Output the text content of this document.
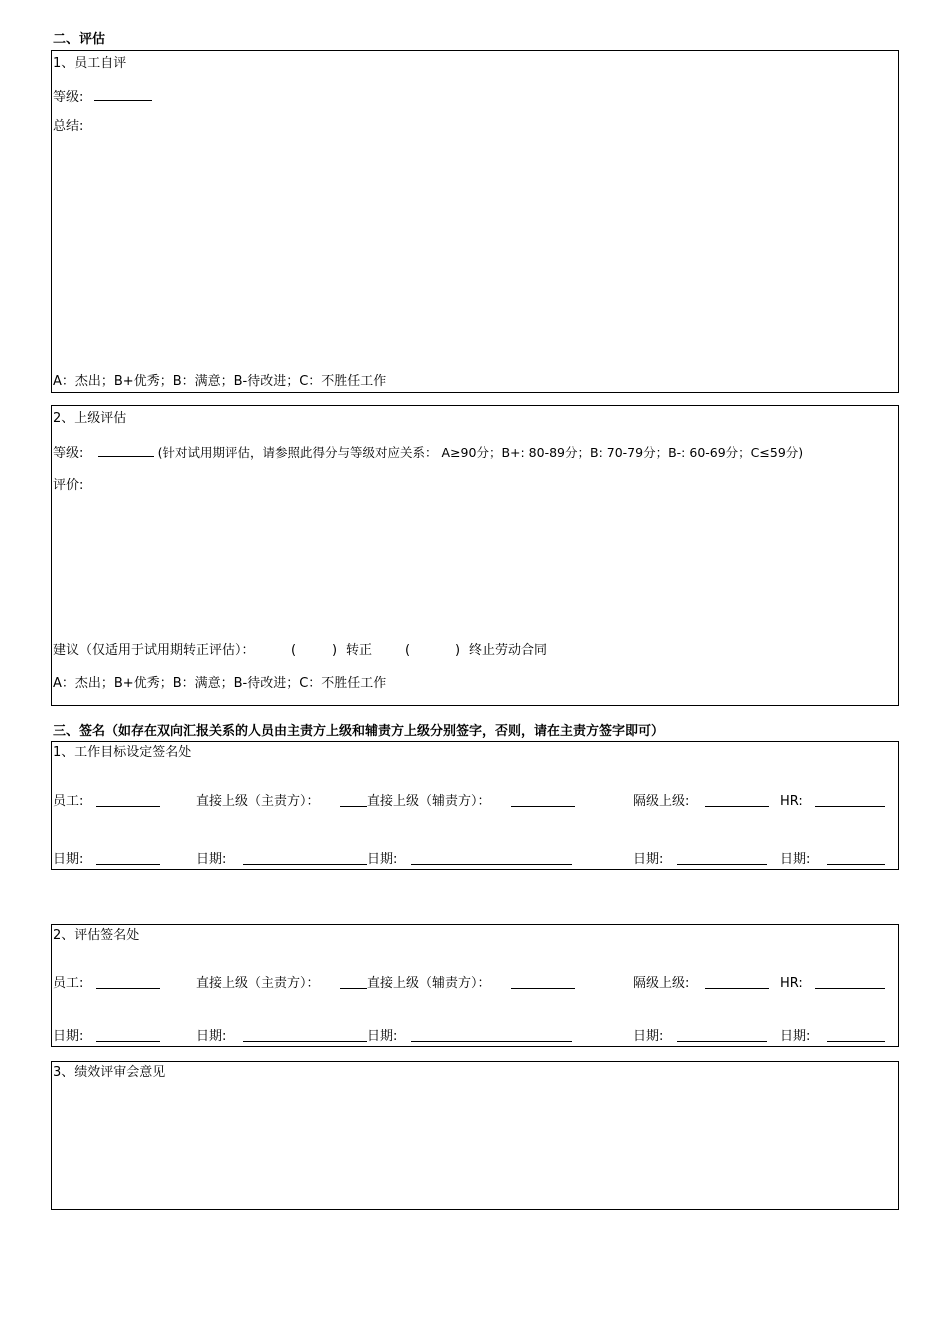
二、评估
1、员工自评
等级:
总结:
A：杰出；B+优秀；B：满意；B-待改进；C：不胜任工作
2、上级评估
等级:	(针对试用期评估，请参照此得分与等级对应关系： A≥90分；B+: 80-89分；B: 70-79分；B-: 60-69分；C≤59分)
评价:
建议（仅适用于试用期转正评估）：	(	) 转正	(	) 终止劳动合同
A：杰出；B+优秀；B：满意；B-待改进；C：不胜任工作
三、签名（如存在双向汇报关系的人员由主责方上级和辅责方上级分别签字，否则，请在主责方签字即可）
1、工作目标设定签名处
员工:	直接上级（主责方）：	直接上级（辅责方）：	隔级上级:	HR:
日期:	日期:	日期:	日期:	日期:
2、评估签名处
员工:	直接上级（主责方）：	直接上级（辅责方）：	隔级上级:	HR:
日期:	日期:	日期:	日期:	日期:
3、绩效评审会意见
